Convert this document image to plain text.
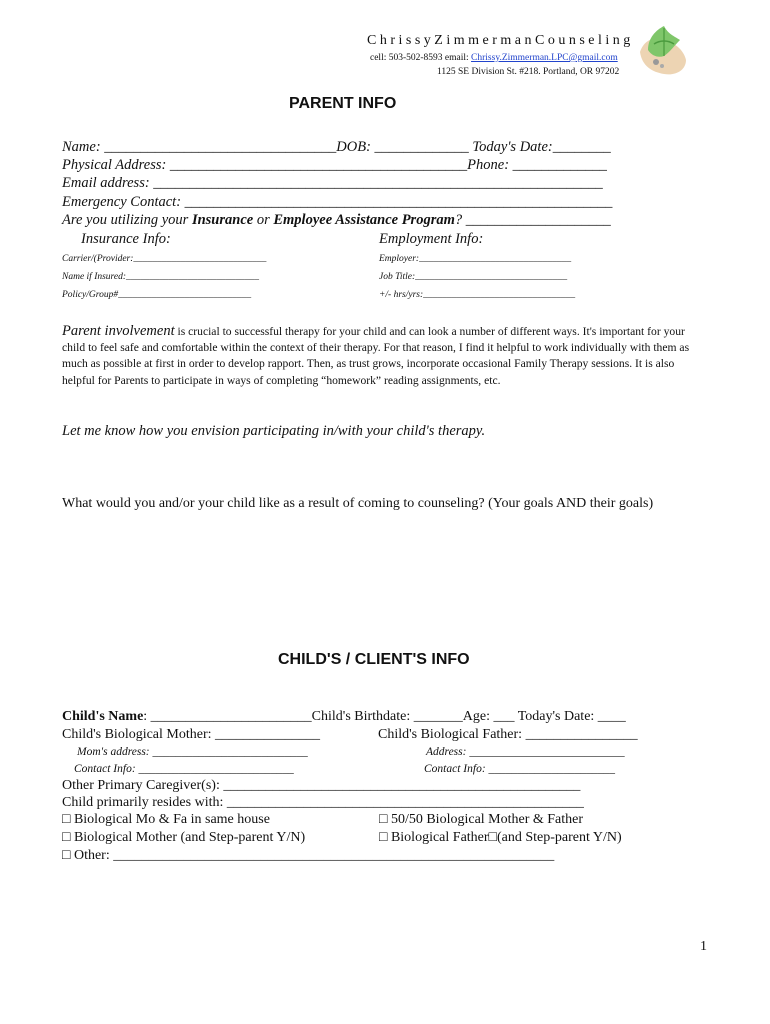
C h r i s s y Z i m m e r m a n C o u n s e l i n g
cell: 503-502-8593 email: Chrissy.Zimmerman.LPC@gmail.com
1125 SE Division St. #218. Portland, OR 97202
PARENT INFO
Name: ________________________________DOB: _____________ Today's Date:________
Physical Address: _________________________________________Phone: _____________
Email address: ______________________________________________________________
Emergency Contact: ___________________________________________________________
Are you utilizing your Insurance or Employee Assistance Program? ____________________
Insurance Info:	Employment Info:
Carrier/(Provider:____________________________	Employer:________________________________
Name if Insured:____________________________	Job Title:________________________________
Policy/Group#____________________________	+/- hrs/yrs:________________________________
Parent involvement is crucial to successful therapy for your child and can look a number of different ways. It's important for your child to feel safe and comfortable within the context of their therapy. For that reason, I find it helpful to work individually with them as much as possible at first in order to develop rapport. Then, as trust grows, incorporate occasional Family Therapy sessions. It is also helpful for Parents to participate in ways of completing “homework” reading assignments, etc.
Let me know how you envision participating in/with your child's therapy.
What would you and/or your child like as a result of coming to counseling? (Your goals AND their goals)
CHILD'S / CLIENT'S INFO
Child's Name: _______________________Child's Birthdate: _______Age: ___ Today's Date: ____
Child's Biological Mother: _______________	Child's Biological Father: ________________
Mom's address: ___________________________	Address: ___________________________
Contact Info: ___________________________	Contact Info: ______________________
Other Primary Caregiver(s): ___________________________________________________
Child primarily resides with: ___________________________________________________
□ Biological Mo & Fa in same house	□ 50/50 Biological Mother & Father
□ Biological Mother (and Step-parent Y/N)	□ Biological Father□(and Step-parent Y/N)
□ Other: _______________________________________________________________
1
